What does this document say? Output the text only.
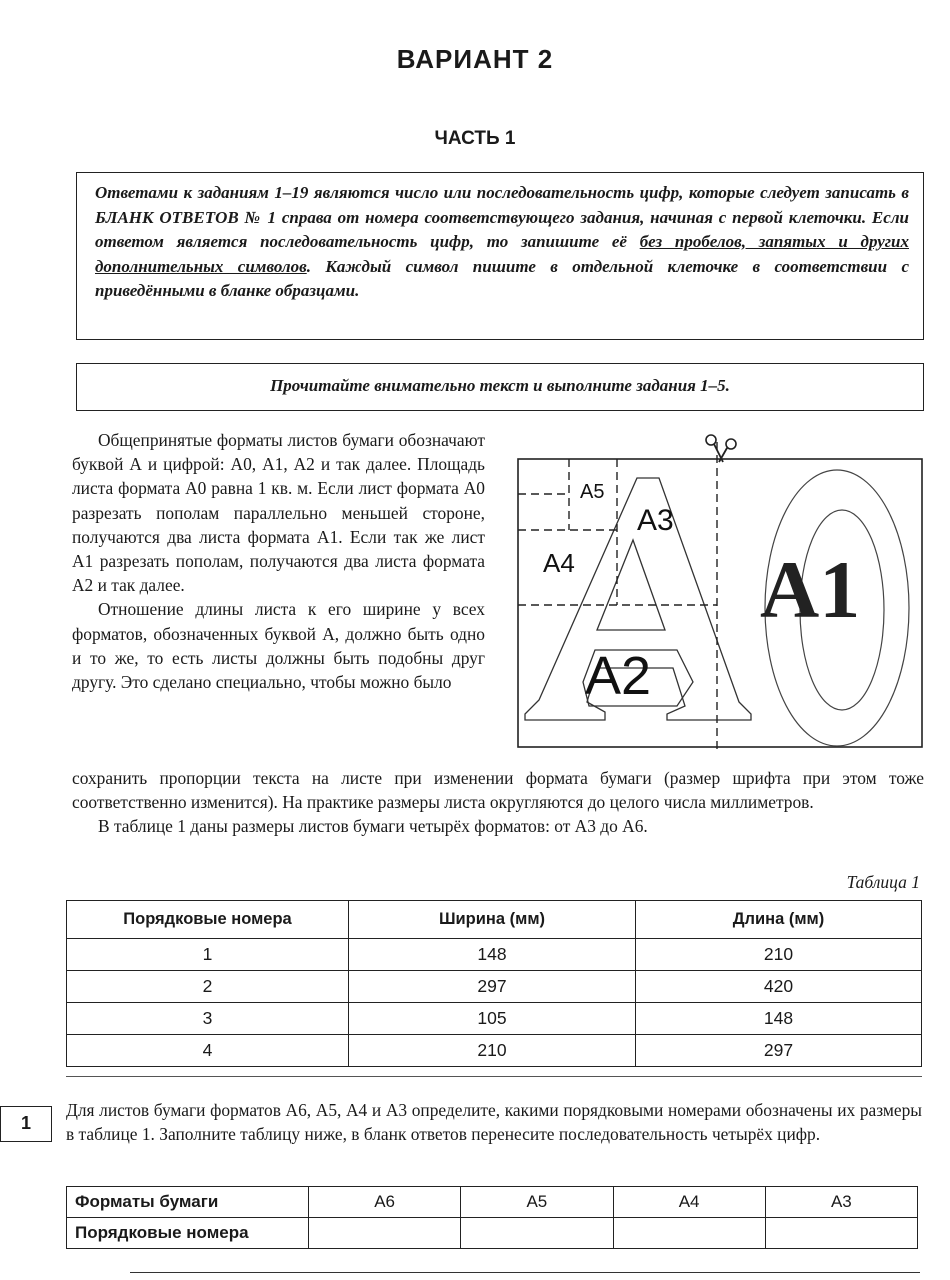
ВАРИАНТ 2
ЧАСТЬ 1

Ответами к заданиям 1–19 являются число или последовательность цифр, которые следует записать в БЛАНК ОТВЕТОВ № 1 справа от номера соответствующего задания, начиная с первой клеточки. Если ответом является последовательность цифр, то запишите её без пробелов, запятых и других дополнительных символов. Каждый символ пишите в отдельной клеточке в соответствии с приведёнными в бланке образцами.

Прочитайте внимательно текст и выполните задания 1–5.

Общепринятые форматы листов бумаги обозначают буквой А и цифрой: А0, А1, А2 и так далее. Площадь листа формата А0 равна 1 кв. м. Если лист формата А0 разрезать пополам параллельно меньшей стороне, получаются два листа формата А1. Если так же лист А1 разрезать пополам, получаются два листа формата А2 и так далее.

Отношение длины листа к его ширине у всех форматов, обозначенных буквой А, должно быть одно и то же, то есть листы должны быть подобны друг другу. Это сделано специально, чтобы можно было

сохранить пропорции текста на листе при изменении формата бумаги (размер шрифта при этом тоже соответственно изменится). На практике размеры листа округляются до целого числа миллиметров.

В таблице 1 даны размеры листов бумаги четырёх форматов: от А3 до А6.

А5
А3
А4
А2
А1
Таблица 1
Порядковые номера	Ширина (мм)	Длина (мм)
1	148	210
2	297	420
3	105	148
4	210	297
1
Для листов бумаги форматов А6, А5, А4 и А3 определите, какими порядковыми номерами обозначены их размеры в таблице 1. Заполните таблицу ниже, в бланк ответов перенесите последовательность четырёх цифр.
Форматы бумаги	А6	А5	А4	А3
Порядковые номера				
